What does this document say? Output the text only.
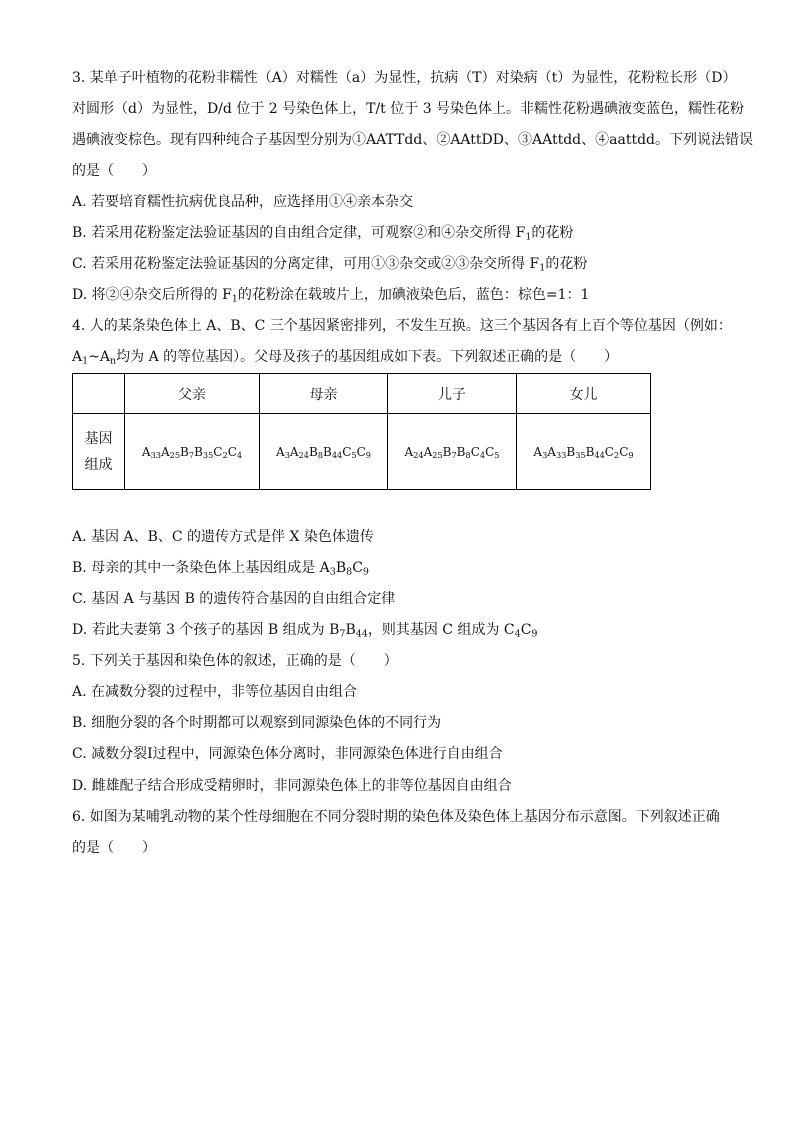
3. 某单子叶植物的花粉非糯性（A）对糯性（a）为显性，抗病（T）对染病（t）为显性，花粉粒长形（D）
对圆形（d）为显性，D/d 位于 2 号染色体上，T/t 位于 3 号染色体上。非糯性花粉遇碘液变蓝色，糯性花粉
遇碘液变棕色。现有四种纯合子基因型分别为①AATTdd、②AAttDD、③AAttdd、④aattdd。下列说法错误
的是（　　）
A. 若要培育糯性抗病优良品种，应选择用①④亲本杂交
B. 若采用花粉鉴定法验证基因的自由组合定律，可观察②和④杂交所得 $F_1$的花粉
C. 若采用花粉鉴定法验证基因的分离定律，可用①③杂交或②③杂交所得 $F_1$的花粉
D. 将②④杂交后所得的 $F_1$的花粉涂在载玻片上，加碘液染色后，蓝色：棕色=1：1
4. 人的某条染色体上 A、B、C 三个基因紧密排列，不发生互换。这三个基因各有上百个等位基因（例如：
$A_1\sim A_n$均为 A 的等位基因）。父母及孩子的基因组成如下表。下列叙述正确的是（　　）
	父亲	母亲	儿子	女儿
基因
组成	$A_{33}A_{25}B_7B_{35}C_2C_4$	$A_3A_{24}B_8B_{44}C_5C_9$	$A_{24}A_{25}B_7B_8C_4C_5$	$A_3A_{33}B_{35}B_{44}C_2C_9$
A. 基因 A、B、C 的遗传方式是伴 X 染色体遗传
B. 母亲的其中一条染色体上基因组成是 $A_3B_8C_9$
C. 基因 A 与基因 B 的遗传符合基因的自由组合定律
D. 若此夫妻第 3 个孩子的基因 B 组成为 $B_7B_{44}$，则其基因 C 组成为 $C_4C_9$
5. 下列关于基因和染色体的叙述，正确的是（　　）
A. 在减数分裂的过程中，非等位基因自由组合
B. 细胞分裂的各个时期都可以观察到同源染色体的不同行为
C. 减数分裂Ⅰ过程中，同源染色体分离时，非同源染色体进行自由组合
D. 雌雄配子结合形成受精卵时，非同源染色体上的非等位基因自由组合
6. 如图为某哺乳动物的某个性母细胞在不同分裂时期的染色体及染色体上基因分布示意图。下列叙述正确
的是（　　）
